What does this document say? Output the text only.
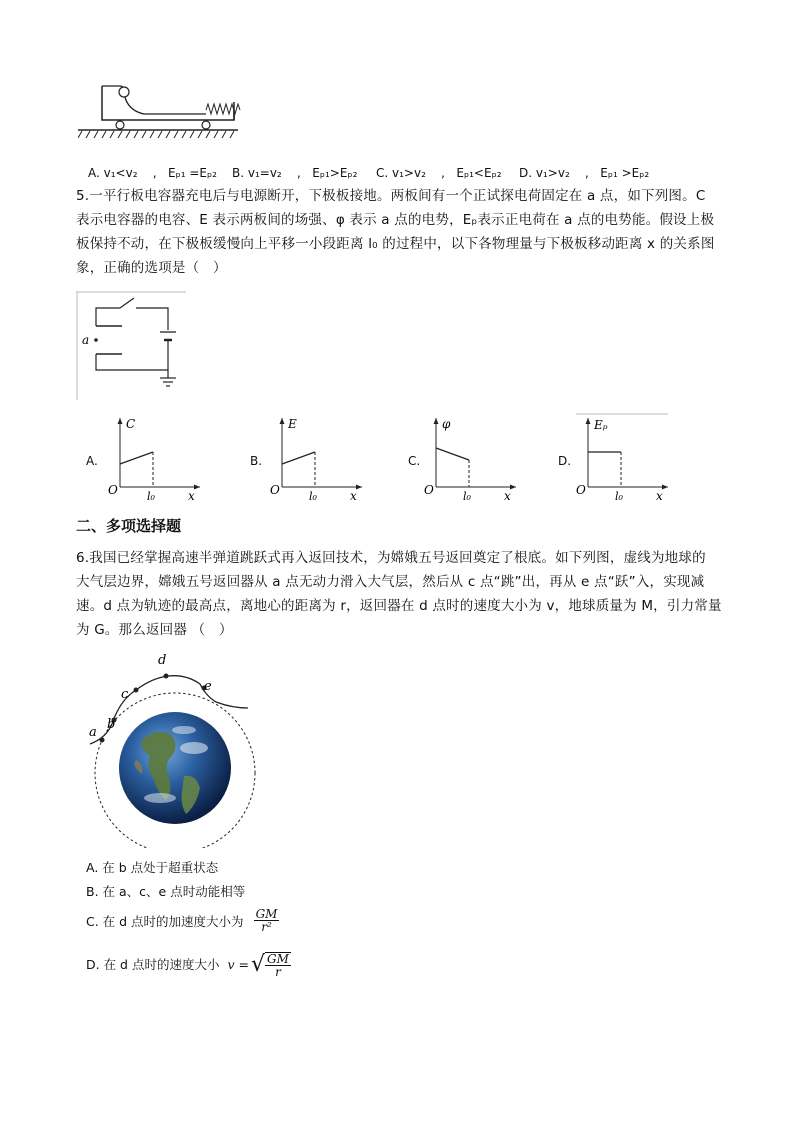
A. v₁<v₂    ,   Eₚ₁ =Eₚ₂ B. v₁=v₂    ,   Eₚ₁>Eₚ₂ C. v₁>v₂    ,   Eₚ₁<Eₚ₂ D. v₁>v₂    ,   Eₚ₁ >Eₚ₂
5.一平行板电容器充电后与电源断开，下极板接地。两板间有一个正试探电荷固定在 a 点，如下列图。C
表示电容器的电容、E 表示两板间的场强、φ 表示 a 点的电势，Eₚ表示正电荷在 a 点的电势能。假设上极
板保持不动，在下极板缓慢向上平移一小段距离 l₀ 的过程中，以下各物理量与下极板移动距离 x 的关系图
象，正确的选项是（　）
a
A.
C
O	l₀	x
B.
E
O	l₀	x
C.
φ
O	l₀	x
D.
Eₚ
O	l₀	x
二、多项选择题
6.我国已经掌握高速半弹道跳跃式再入返回技术，为嫦娥五号返回奠定了根底。如下列图，虚线为地球的
大气层边界，嫦娥五号返回器从 a 点无动力滑入大气层，然后从 c 点“跳”出，再从 e 点“跃”入，实现减
速。d 点为轨迹的最高点，离地心的距离为 r，返回器在 d 点时的速度大小为 v，地球质量为 M，引力常量
为 G。那么返回器 （　）
a
b
c
d
e
A. 在 b 点处于超重状态
B. 在 a、c、e 点时动能相等
C. 在 d 点时的加速度大小为 $\frac{GM}{\text{r²}}$
D. 在 d 点时的速度大小 v = √ $\frac{GM}{r}$
